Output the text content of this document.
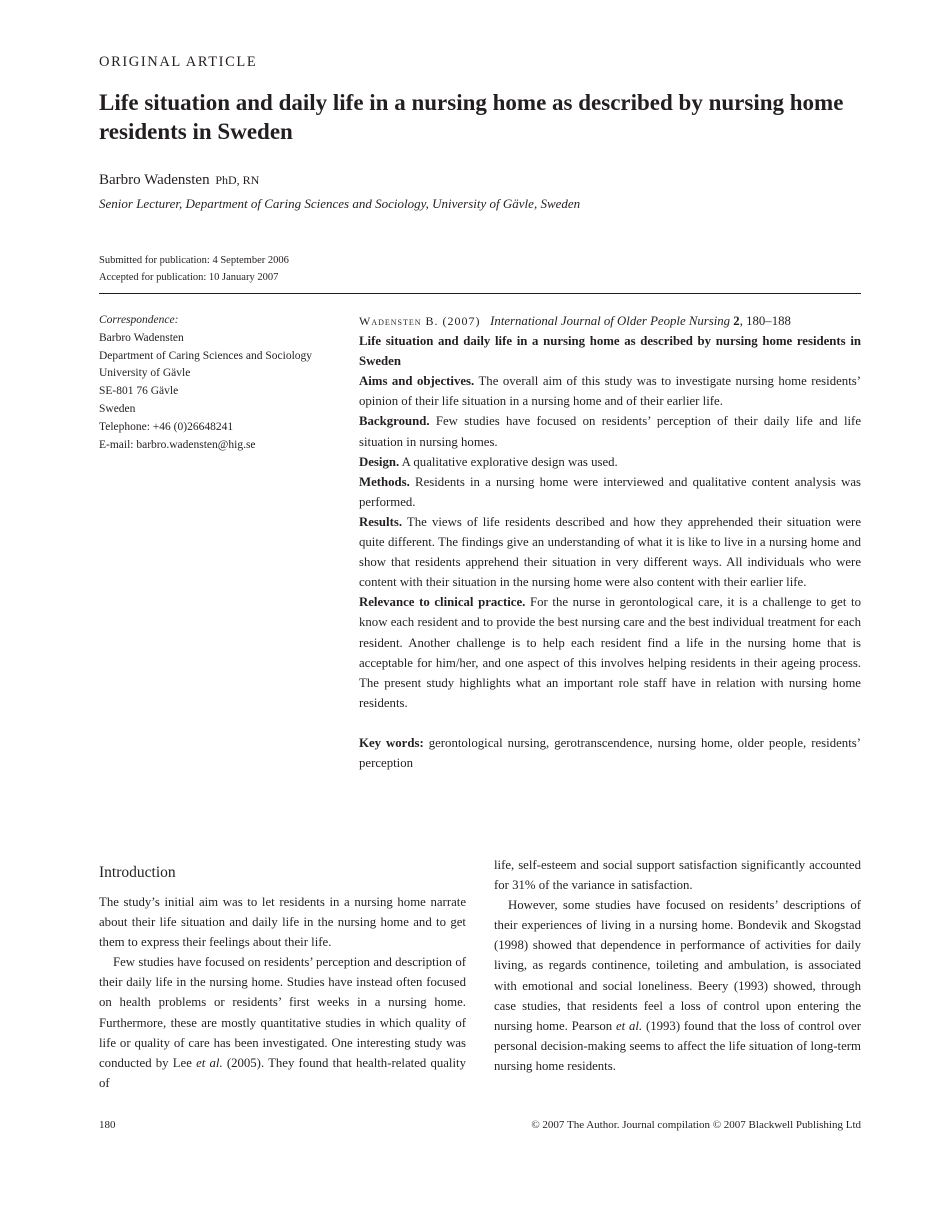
ORIGINAL ARTICLE
Life situation and daily life in a nursing home as described by nursing home residents in Sweden
Barbro Wadensten PhD, RN
Senior Lecturer, Department of Caring Sciences and Sociology, University of Gävle, Sweden
Submitted for publication: 4 September 2006
Accepted for publication: 10 January 2007
Correspondence:
Barbro Wadensten
Department of Caring Sciences and Sociology
University of Gävle
SE-801 76 Gävle
Sweden
Telephone: +46 (0)26648241
E-mail: barbro.wadensten@hig.se

Wadensten B. (2007) International Journal of Older People Nursing 2, 180–188

Life situation and daily life in a nursing home as described by nursing home residents in Sweden

Aims and objectives. The overall aim of this study was to investigate nursing home residents’ opinion of their life situation in a nursing home and of their earlier life.

Background. Few studies have focused on residents’ perception of their daily life and life situation in nursing homes.

Design. A qualitative explorative design was used.

Methods. Residents in a nursing home were interviewed and qualitative content analysis was performed.

Results. The views of life residents described and how they apprehended their situation were quite different. The findings give an understanding of what it is like to live in a nursing home and show that residents apprehend their situation in very different ways. All individuals who were content with their situation in the nursing home were also content with their earlier life.

Relevance to clinical practice. For the nurse in gerontological care, it is a challenge to get to know each resident and to provide the best nursing care and the best individual treatment for each resident. Another challenge is to help each resident find a life in the nursing home that is acceptable for him/her, and one aspect of this involves helping residents in their ageing process. The present study highlights what an important role staff have in relation with nursing home residents.

Key words: gerontological nursing, gerotranscendence, nursing home, older people, residents’ perception

Introduction

The study’s initial aim was to let residents in a nursing home narrate about their life situation and daily life in the nursing home and to get them to express their feelings about their life.

Few studies have focused on residents’ perception and description of their daily life in the nursing home. Studies have instead often focused on health problems or residents’ first weeks in a nursing home. Furthermore, these are mostly quantitative studies in which quality of life or quality of care has been investigated. One interesting study was conducted by Lee et al. (2005). They found that health-related quality of

life, self-esteem and social support satisfaction significantly accounted for 31% of the variance in satisfaction.

However, some studies have focused on residents’ descriptions of their experiences of living in a nursing home. Bondevik and Skogstad (1998) showed that dependence in performance of activities for daily living, as regards continence, toileting and ambulation, is associated with emotional and social loneliness. Beery (1993) showed, through case studies, that residents feel a loss of control upon entering the nursing home. Pearson et al. (1993) found that the loss of control over personal decision-making seems to affect the life situation of long-term nursing home residents.

180	© 2007 The Author. Journal compilation © 2007 Blackwell Publishing Ltd
